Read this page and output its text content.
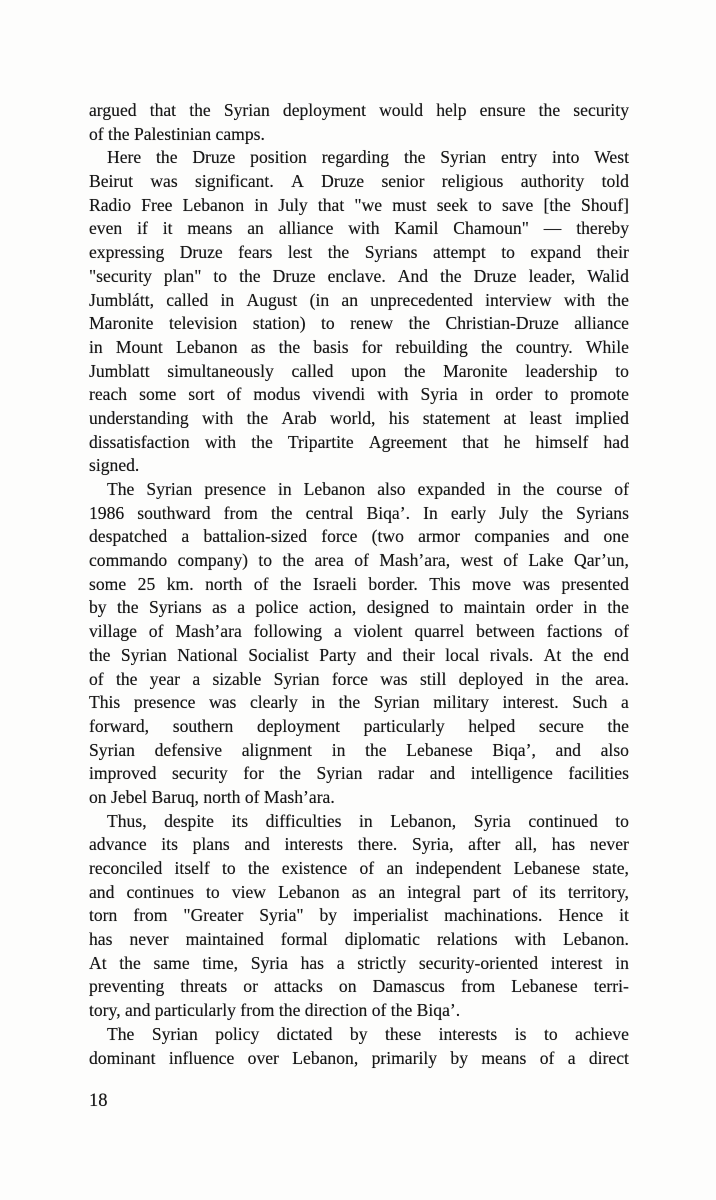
argued that the Syrian deployment would help ensure the security
of the Palestinian camps.
Here the Druze position regarding the Syrian entry into West
Beirut was significant. A Druze senior religious authority told
Radio Free Lebanon in July that "we must seek to save [the Shouf]
even if it means an alliance with Kamil Chamoun" — thereby
expressing Druze fears lest the Syrians attempt to expand their
"security plan" to the Druze enclave. And the Druze leader, Walid
Jumblátt, called in August (in an unprecedented interview with the
Maronite television station) to renew the Christian-Druze alliance
in Mount Lebanon as the basis for rebuilding the country. While
Jumblatt simultaneously called upon the Maronite leadership to
reach some sort of modus vivendi with Syria in order to promote
understanding with the Arab world, his statement at least implied
dissatisfaction with the Tripartite Agreement that he himself had
signed.
The Syrian presence in Lebanon also expanded in the course of
1986 southward from the central Biqa’. In early July the Syrians
despatched a battalion-sized force (two armor companies and one
commando company) to the area of Mash’ara, west of Lake Qar’un,
some 25 km. north of the Israeli border. This move was presented
by the Syrians as a police action, designed to maintain order in the
village of Mash’ara following a violent quarrel between factions of
the Syrian National Socialist Party and their local rivals. At the end
of the year a sizable Syrian force was still deployed in the area.
This presence was clearly in the Syrian military interest. Such a
forward, southern deployment particularly helped secure the
Syrian defensive alignment in the Lebanese Biqa’, and also
improved security for the Syrian radar and intelligence facilities
on Jebel Baruq, north of Mash’ara.
Thus, despite its difficulties in Lebanon, Syria continued to
advance its plans and interests there. Syria, after all, has never
reconciled itself to the existence of an independent Lebanese state,
and continues to view Lebanon as an integral part of its territory,
torn from "Greater Syria" by imperialist machinations. Hence it
has never maintained formal diplomatic relations with Lebanon.
At the same time, Syria has a strictly security-oriented interest in
preventing threats or attacks on Damascus from Lebanese terri-
tory, and particularly from the direction of the Biqa’.
The Syrian policy dictated by these interests is to achieve
dominant influence over Lebanon, primarily by means of a direct
18
